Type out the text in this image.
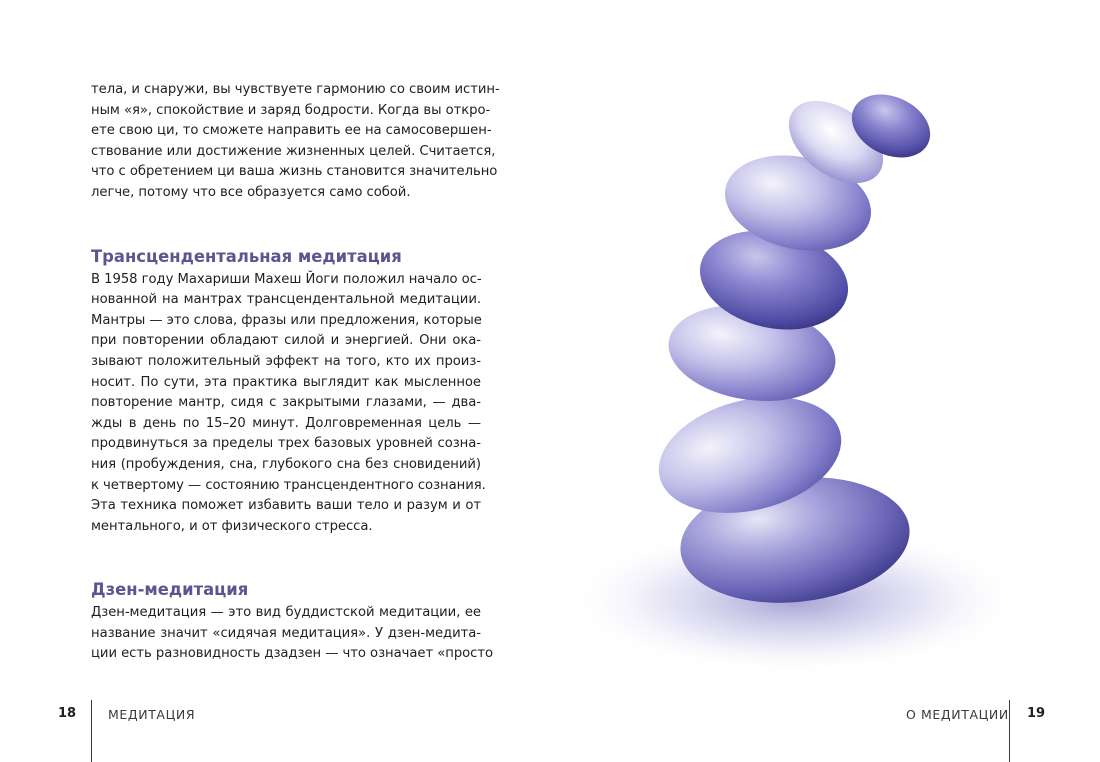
тела, и снаружи, вы чувствуете гармонию со своим истин-
ным «я», спокойствие и заряд бодрости. Когда вы откро-
ете свою ци, то сможете направить ее на самосовершен-
ствование или достижение жизненных целей. Считается,
что с обретением ци ваша жизнь становится значительно
легче, потому что все образуется само собой.

Трансцендентальная медитация

В 1958 году Махариши Махеш Йоги положил начало ос-
нованной на мантрах трансцендентальной медитации.
Мантры — это слова, фразы или предложения, которые
при повторении обладают силой и энергией. Они ока-
зывают положительный эффект на того, кто их произ-
носит. По сути, эта практика выглядит как мысленное
повторение мантр, сидя с закрытыми глазами, — два-
жды в день по 15–20 минут. Долговременная цель —
продвинуться за пределы трех базовых уровней созна-
ния (пробуждения, сна, глубокого сна без сновидений)
к четвертому — состоянию трансцендентного сознания.
Эта техника поможет избавить ваши тело и разум и от
ментального, и от физического стресса.

Дзен-медитация

Дзен-медитация — это вид буддистской медитации, ее
название значит «сидячая медитация». У дзен-медита-
ции есть разновидность дзадзен — что означает «просто

18	МЕДИТАЦИЯ	О МЕДИТАЦИИ 19
